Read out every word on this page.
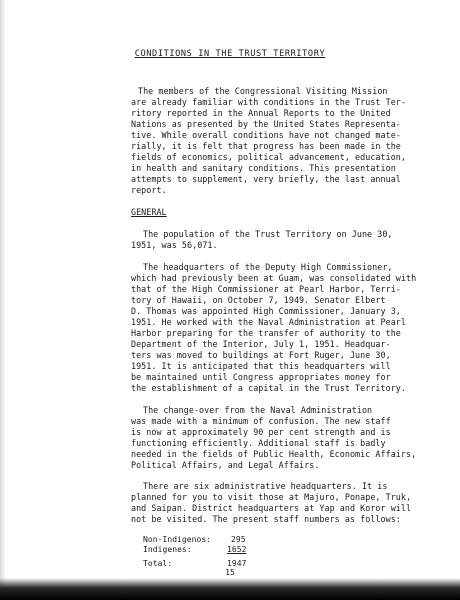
CONDITIONS IN THE TRUST TERRITORY
The members of the Congressional Visiting Mission
are already familiar with conditions in the Trust Ter-
ritory reported in the Annual Reports to the United
Nations as presented by the United States Representa-
tive. While overall conditions have not changed mate-
rially, it is felt that progress has been made in the
fields of economics, political advancement, education,
in health and sanitary conditions. This presentation
attempts to supplement, very briefly, the last annual
report.
GENERAL
The population of the Trust Territory on June 30,
1951, was 56,071.
The headquarters of the Deputy High Commissioner,
which had previously been at Guam, was consolidated with
that of the High Commissioner at Pearl Harbor, Terri-
tory of Hawaii, on October 7, 1949. Senator Elbert
D. Thomas was appointed High Commissioner, January 3,
1951. He worked with the Naval Administration at Pearl
Harbor preparing for the transfer of authority to the
Department of the Interior, July 1, 1951. Headquar-
ters was moved to buildings at Fort Ruger, June 30,
1951. It is anticipated that this headquarters will
be maintained until Congress appropriates money for
the establishment of a capital in the Trust Territory.
The change-over from the Naval Administration
was made with a minimum of confusion. The new staff
is now at approximately 90 per cent strength and is
functioning efficiently. Additional staff is badly
needed in the fields of Public Health, Economic Affairs,
Political Affairs, and Legal Affairs.
There are six administrative headquarters. It is
planned for you to visit those at Majuro, Ponape, Truk,
and Saipan. District headquarters at Yap and Koror will
not be visited. The present staff numbers as follows:
Non-Indigenos: 295
Indigenes:	1652
Total:	1947
15
